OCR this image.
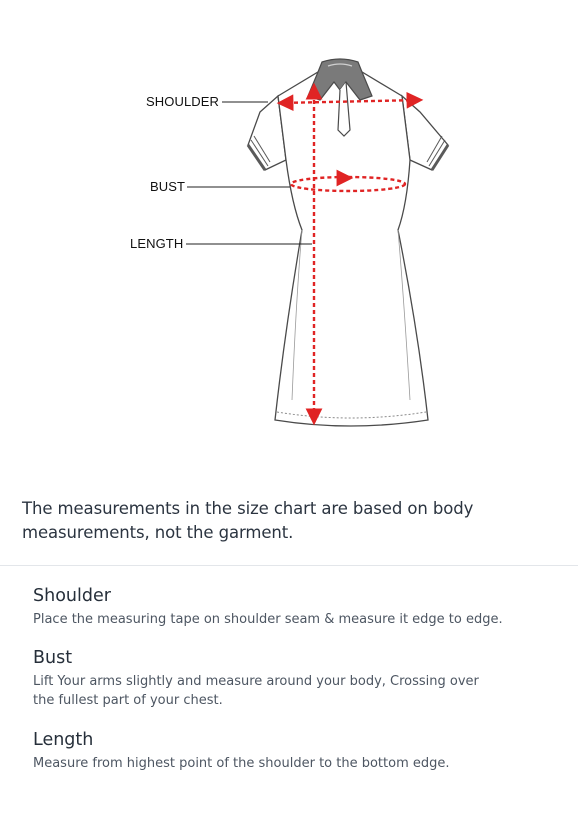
SHOULDER
BUST
LENGTH
The measurements in the size chart are based on body measurements, not the garment.
Shoulder
Place the measuring tape on shoulder seam & measure it edge to edge.
Bust
Lift Your arms slightly and measure around your body, Crossing over the fullest part of your chest.
Length
Measure from highest point of the shoulder to the bottom edge.
